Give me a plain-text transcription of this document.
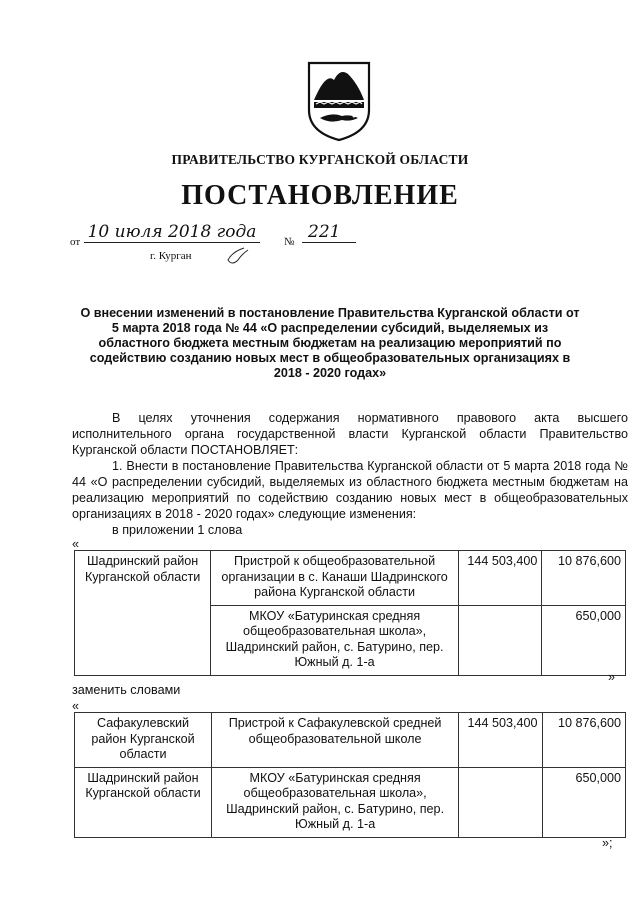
ПРАВИТЕЛЬСТВО КУРГАНСКОЙ ОБЛАСТИ
ПОСТАНОВЛЕНИЕ
от 10 июля 2018 года	№ 221
г. Курган
О внесении изменений в постановление Правительства Курганской области от 5 марта 2018 года № 44 «О распределении субсидий, выделяемых из областного бюджета местным бюджетам на реализацию мероприятий по содействию созданию новых мест в общеобразовательных организациях в 2018 - 2020 годах»

В целях уточнения содержания нормативного правового акта высшего исполнительного органа государственной власти Курганской области Правительство Курганской области ПОСТАНОВЛЯЕТ:

1. Внести в постановление Правительства Курганской области от 5 марта 2018 года № 44 «О распределении субсидий, выделяемых из областного бюджета местным бюджетам на реализацию мероприятий по содействию созданию новых мест в общеобразовательных организациях в 2018 - 2020 годах» следующие изменения:

в приложении 1 слова

«
Шадринский район Курганской области	Пристрой к общеобразовательной организации в с. Канаши Шадринского района Курганской области	144 503,400	10 876,600
	МКОУ «Батуринская средняя общеобразовательная школа», Шадринский район, с. Батурино, пер. Южный д. 1-а		650,000
»
заменить словами
«
Сафакулевский район Курганской области	Пристрой к Сафакулевской средней общеобразовательной школе	144 503,400	10 876,600
Шадринский район Курганской области	МКОУ «Батуринская средняя общеобразовательная школа», Шадринский район, с. Батурино, пер. Южный д. 1-а		650,000
»;
